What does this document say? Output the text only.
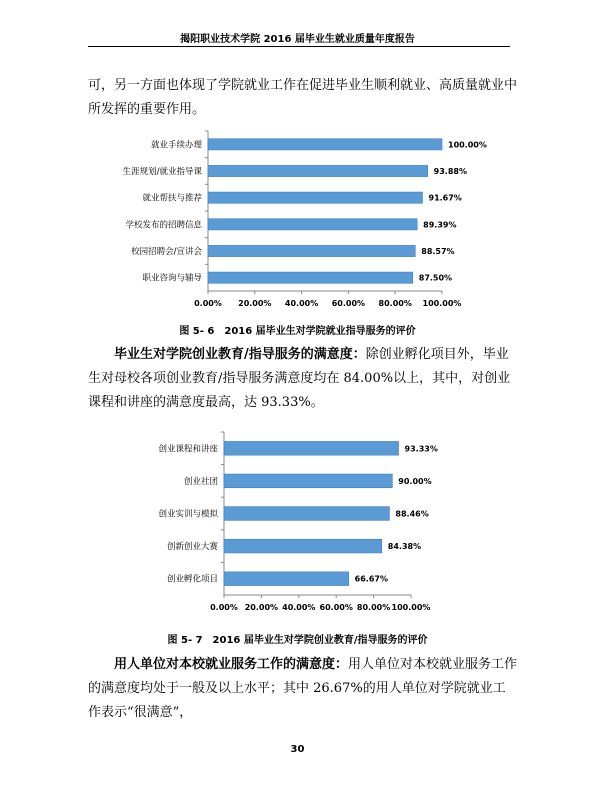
揭阳职业技术学院 2016 届毕业生就业质量年度报告

可，另一方面也体现了学院就业工作在促进毕业生顺利就业、高质量就业中所发挥的重要作用。

就业手续办理	100.00%
生涯规划/就业指导课	93.88%
就业帮扶与推荐	91.67%
学校发布的招聘信息	89.39%
校园招聘会/宣讲会	88.57%
职业咨询与辅导	87.50%
0.00% 20.00% 40.00% 60.00% 80.00% 100.00%
图 5- 6　2016 届毕业生对学院就业指导服务的评价

毕业生对学院创业教育/指导服务的满意度：除创业孵化项目外，毕业生对母校各项创业教育/指导服务满意度均在 84.00%以上，其中，对创业课程和讲座的满意度最高，达 93.33%。

创业课程和讲座	93.33%
创业社团	90.00%
创业实训与模拟	88.46%
创新创业大赛	84.38%
创业孵化项目	66.67%
0.00% 20.00% 40.00% 60.00% 80.00% 100.00%
图 5- 7　2016 届毕业生对学院创业教育/指导服务的评价

用人单位对本校就业服务工作的满意度：用人单位对本校就业服务工作的满意度均处于一般及以上水平；其中 26.67%的用人单位对学院就业工作表示“很满意”，

30
